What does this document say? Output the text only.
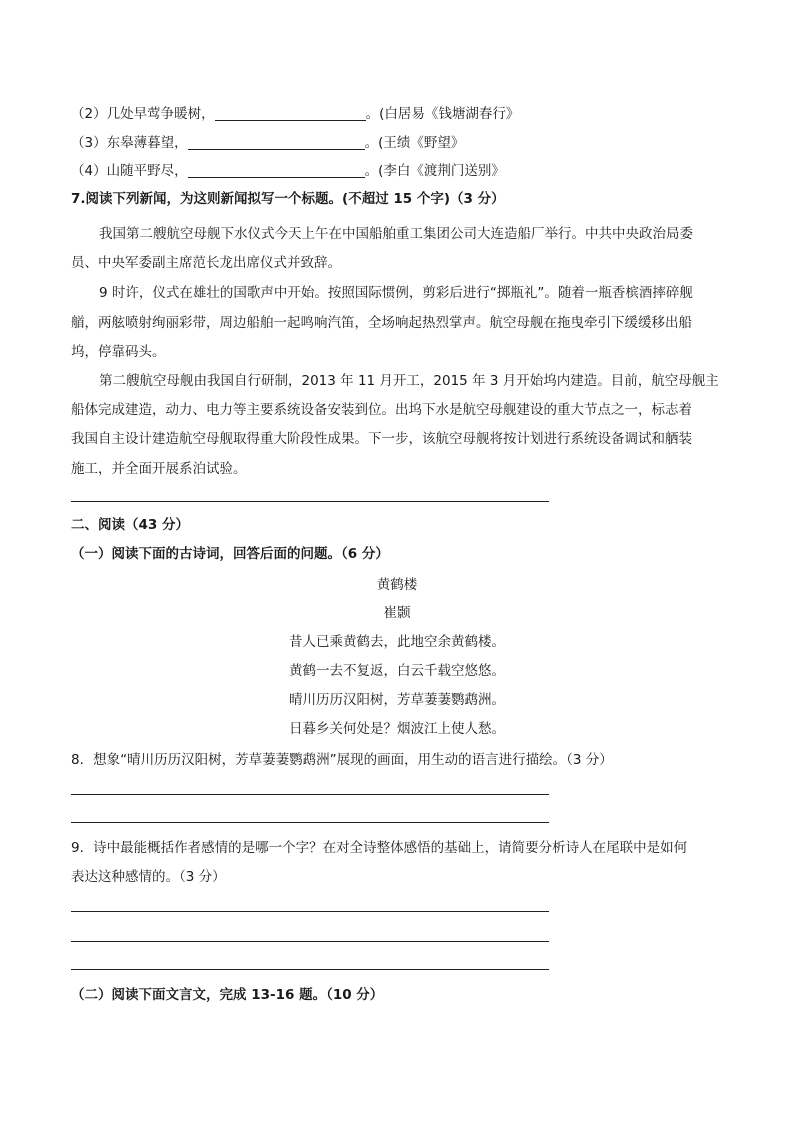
（2）几处早莺争暖树，	。(白居易《钱塘湖春行》
（3）东皋薄暮望，	。(王绩《野望》
（4）山随平野尽，	。(李白《渡荆门送别》
7.阅读下列新闻，为这则新闻拟写一个标题。(不超过 15 个字)（3 分）
我国第二艘航空母舰下水仪式今天上午在中国船舶重工集团公司大连造船厂举行。中共中央政治局委
员、中央军委副主席范长龙出席仪式并致辞。
9 时许，仪式在雄壮的国歌声中开始。按照国际惯例，剪彩后进行“掷瓶礼”。随着一瓶香槟酒摔碎舰
艏，两舷喷射绚丽彩带，周边船舶一起鸣响汽笛，全场响起热烈掌声。航空母舰在拖曳牵引下缓缓移出船
坞，停靠码头。
第二艘航空母舰由我国自行研制，2013 年 11 月开工，2015 年 3 月开始坞内建造。目前，航空母舰主
船体完成建造，动力、电力等主要系统设备安装到位。出坞下水是航空母舰建设的重大节点之一，标志着
我国自主设计建造航空母舰取得重大阶段性成果。下一步，该航空母舰将按计划进行系统设备调试和舾装
施工，并全面开展系泊试验。
二、阅读（43 分）
（一）阅读下面的古诗词，回答后面的问题。（6 分）
黄鹤楼
崔颢
昔人已乘黄鹤去，此地空余黄鹤楼。
黄鹤一去不复返，白云千载空悠悠。
晴川历历汉阳树，芳草萋萋鹦鹉洲。
日暮乡关何处是？烟波江上使人愁。
8．想象“晴川历历汉阳树，芳草萋萋鹦鹉洲”展现的画面，用生动的语言进行描绘。（3 分）
9．诗中最能概括作者感情的是哪一个字？在对全诗整体感悟的基础上，请简要分析诗人在尾联中是如何
表达这种感情的。（3 分）
（二）阅读下面文言文，完成 13-16 题。（10 分）
